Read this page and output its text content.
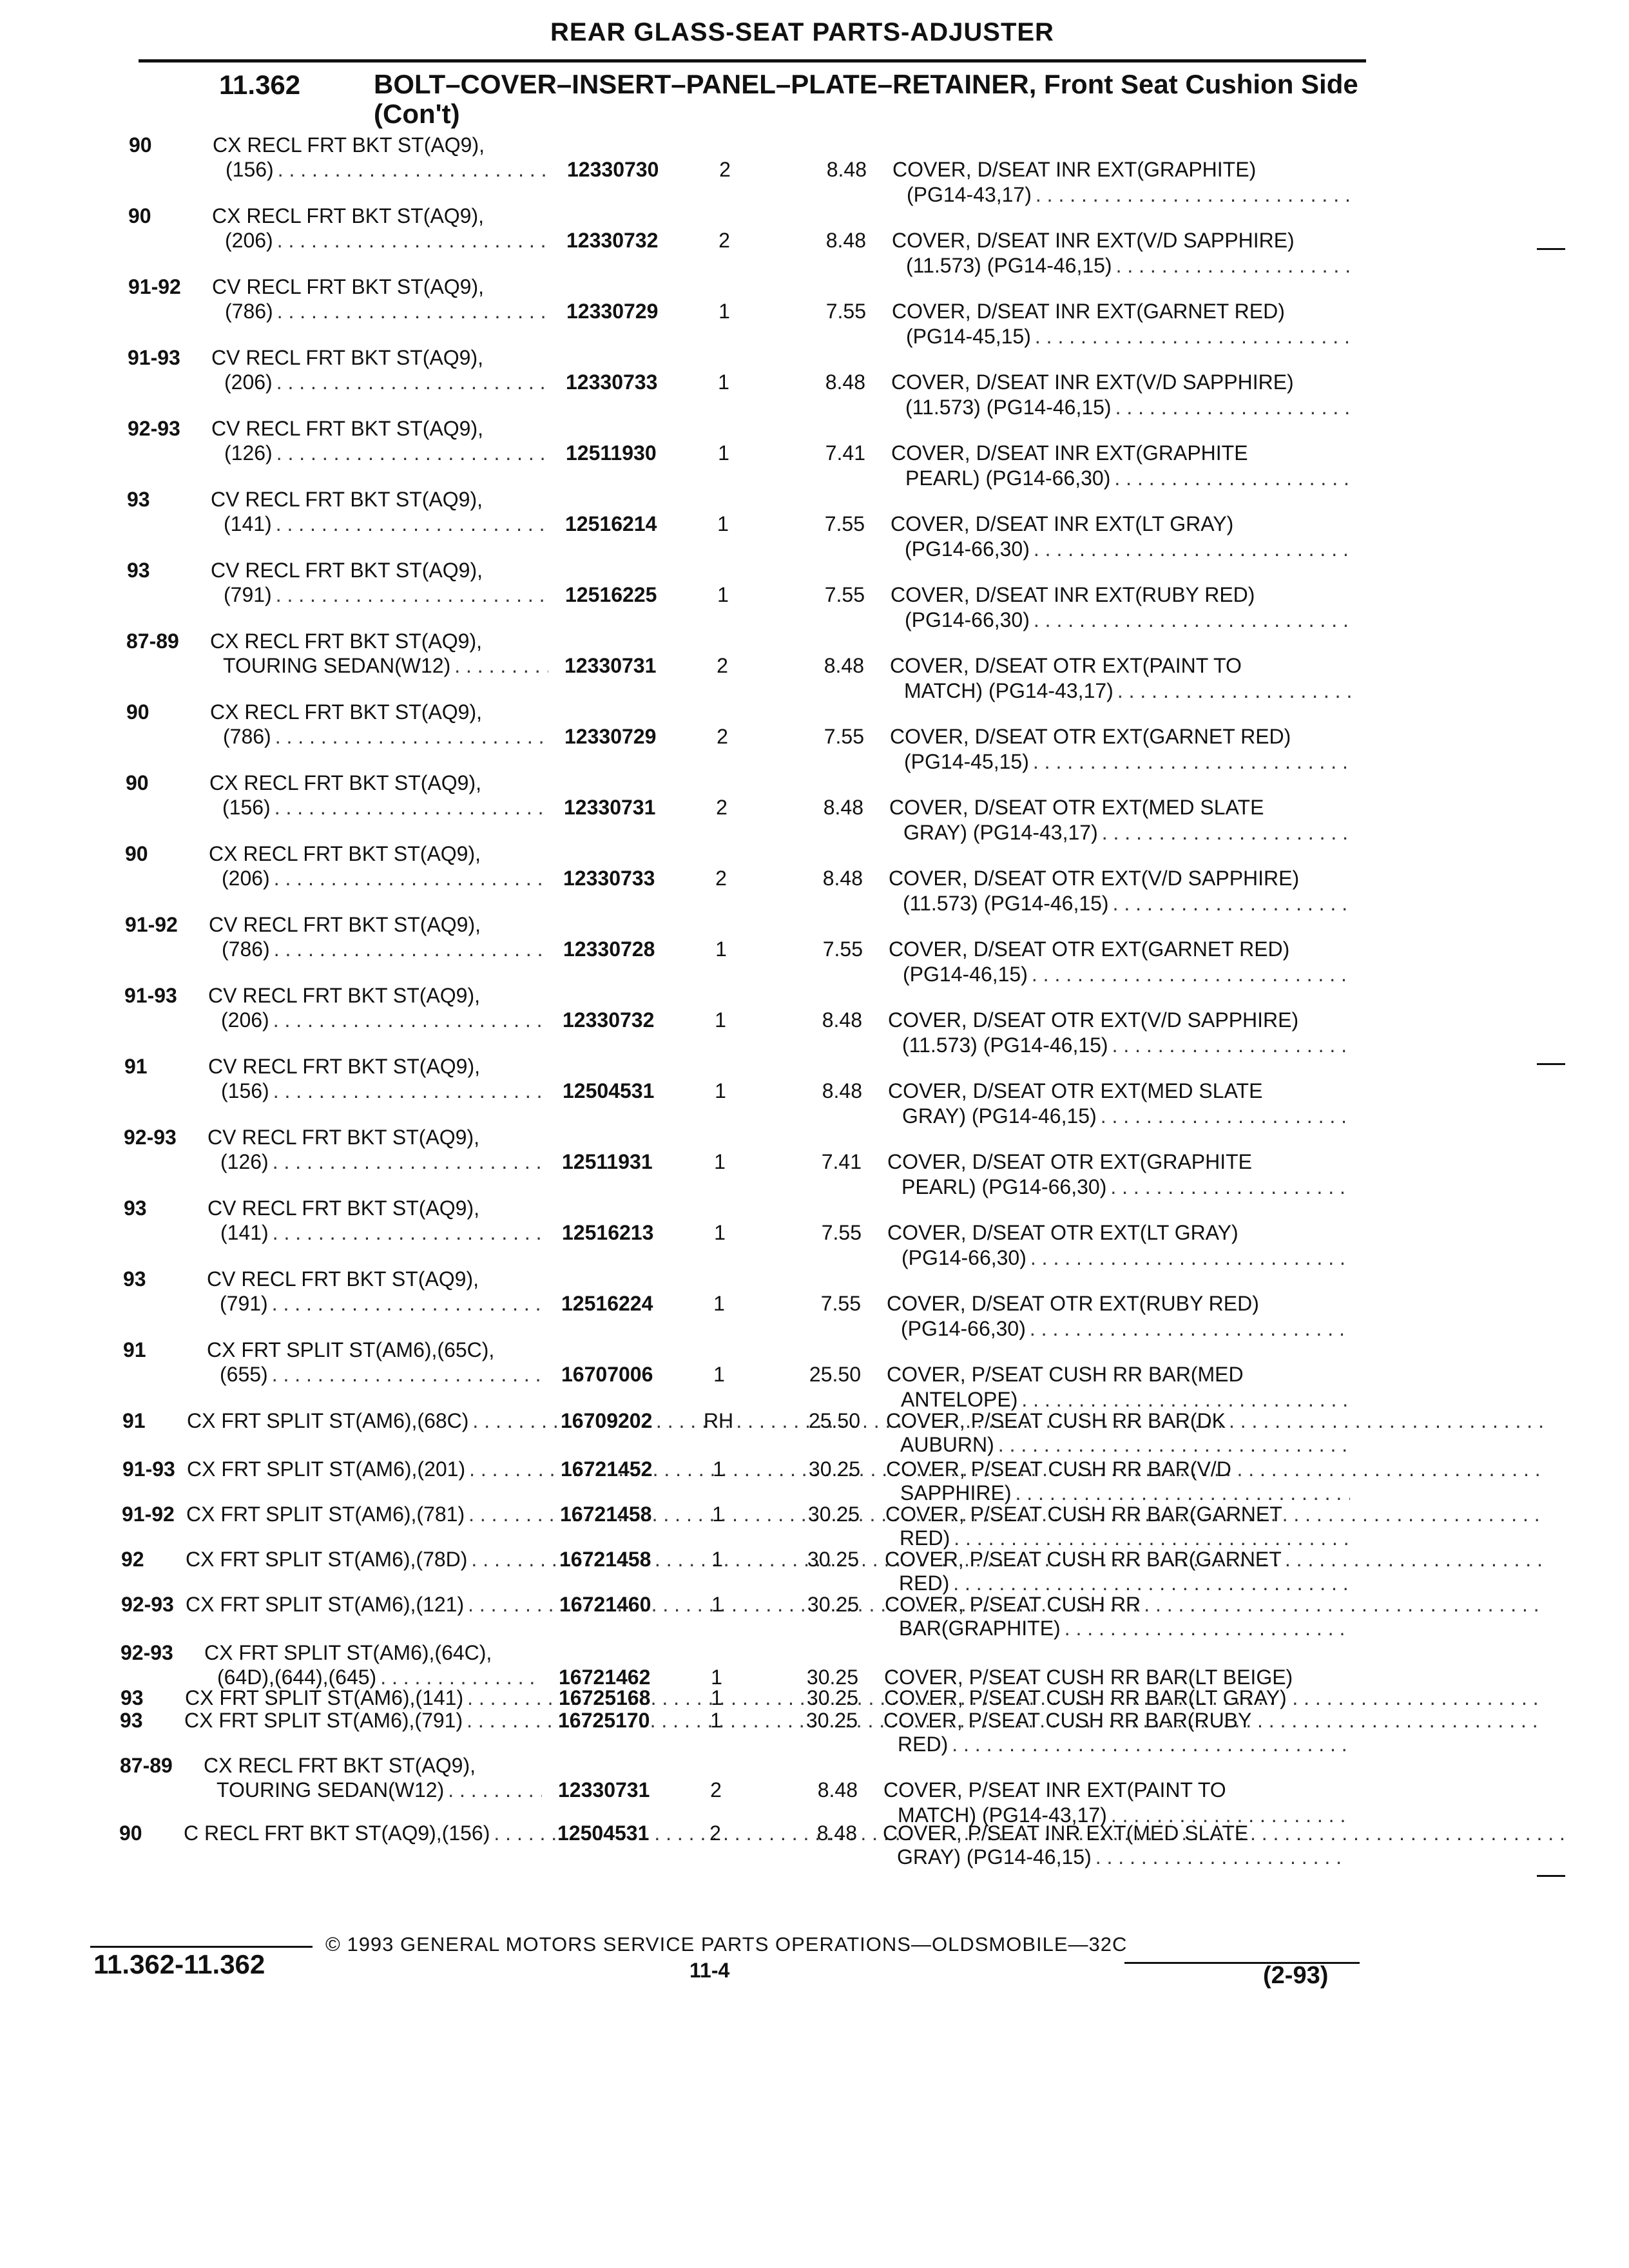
REAR GLASS-SEAT PARTS-ADJUSTER
11.362	BOLT–COVER–INSERT–PANEL–PLATE–RETAINER, Front Seat Cushion Side (Con't)
90	CX RECL FRT BKT ST(AQ9),
(156) . . .	12330730	2	8.48 COVER, D/SEAT INR EXT(GRAPHITE)
(PG14-43,17)
. . .
90	CX RECL FRT BKT ST(AQ9),
(206) . . .	12330732	2	8.48 COVER, D/SEAT INR EXT(V/D SAPPHIRE)
(11.573) (PG14-46,15)
. . .
91-92 CV RECL FRT BKT ST(AQ9),
(786) . . .	12330729	1	7.55 COVER, D/SEAT INR EXT(GARNET RED)
(PG14-45,15)
. . .
91-93 CV RECL FRT BKT ST(AQ9),
(206) . . .	12330733	1	8.48 COVER, D/SEAT INR EXT(V/D SAPPHIRE)
(11.573) (PG14-46,15)
. . .
92-93 CV RECL FRT BKT ST(AQ9),
(126) . . .	12511930	1	7.41 COVER, D/SEAT INR EXT(GRAPHITE
PEARL) (PG14-66,30)
. . .
93	CV RECL FRT BKT ST(AQ9),
(141) . . .	12516214	1	7.55 COVER, D/SEAT INR EXT(LT GRAY)
(PG14-66,30)
. . .
93	CV RECL FRT BKT ST(AQ9),
(791) . . .	12516225	1	7.55 COVER, D/SEAT INR EXT(RUBY RED)
(PG14-66,30)
. . .
87-89 CX RECL FRT BKT ST(AQ9),
TOURING SEDAN(W12) . . .	12330731	2	8.48 COVER, D/SEAT OTR EXT(PAINT TO
MATCH) (PG14-43,17)
. . .
90	CX RECL FRT BKT ST(AQ9),
(786) . . .	12330729	2	7.55 COVER, D/SEAT OTR EXT(GARNET RED)
(PG14-45,15)
. . .
90	CX RECL FRT BKT ST(AQ9),
(156) . . .	12330731	2	8.48 COVER, D/SEAT OTR EXT(MED SLATE
GRAY) (PG14-43,17)
. . .
90	CX RECL FRT BKT ST(AQ9),
(206) . . .	12330733	2	8.48 COVER, D/SEAT OTR EXT(V/D SAPPHIRE)
(11.573) (PG14-46,15)
. . .
91-92 CV RECL FRT BKT ST(AQ9),
(786) . . .	12330728	1	7.55 COVER, D/SEAT OTR EXT(GARNET RED)
(PG14-46,15)
. . .
91-93 CV RECL FRT BKT ST(AQ9),
(206) . . .	12330732	1	8.48 COVER, D/SEAT OTR EXT(V/D SAPPHIRE)
(11.573) (PG14-46,15)
. . .
91	CV RECL FRT BKT ST(AQ9),
(156) . . .	12504531	1	8.48 COVER, D/SEAT OTR EXT(MED SLATE
GRAY) (PG14-46,15)
. . .
92-93 CV RECL FRT BKT ST(AQ9),
(126) . . .	12511931	1	7.41 COVER, D/SEAT OTR EXT(GRAPHITE
PEARL) (PG14-66,30)
. . .
93	CV RECL FRT BKT ST(AQ9),
(141) . . .	12516213	1	7.55 COVER, D/SEAT OTR EXT(LT GRAY)
(PG14-66,30)
. . .
93	CV RECL FRT BKT ST(AQ9),
(791) . . .	12516224	1	7.55 COVER, D/SEAT OTR EXT(RUBY RED)
(PG14-66,30)
. . .
91	CX FRT SPLIT ST(AM6),(65C),
(655) . . .	16707006	1	25.50 COVER, P/SEAT CUSH RR BAR(MED
ANTELOPE)
. . .
91 CX FRT SPLIT ST(AM6),(68C) . . .	16709202 RH	25.50 COVER, P/SEAT CUSH RR BAR(DK
AUBURN)
. . .
91-93 CX FRT SPLIT ST(AM6),(201) . . .	16721452	1	30.25 COVER, P/SEAT CUSH RR BAR(V/D
SAPPHIRE)
. . .
91-92 CX FRT SPLIT ST(AM6),(781) . . .	16721458	1	30.25 COVER, P/SEAT CUSH RR BAR(GARNET
RED)
. . .
92 CX FRT SPLIT ST(AM6),(78D) . . .	16721458	1	30.25 COVER, P/SEAT CUSH RR BAR(GARNET
RED)
. . .
92-93 CX FRT SPLIT ST(AM6),(121) . . .	16721460	1	30.25 COVER, P/SEAT CUSH RR
BAR(GRAPHITE)
. . .
92-93 CX FRT SPLIT ST(AM6),(64C),
(64D),(644),(645) . . .	16721462	1	30.25 COVER, P/SEAT CUSH RR BAR(LT BEIGE)
93 CX FRT SPLIT ST(AM6),(141) . . .	16725168	1	30.25 COVER, P/SEAT CUSH RR BAR(LT GRAY)
93 CX FRT SPLIT ST(AM6),(791) . . .	16725170	1	30.25 COVER, P/SEAT CUSH RR BAR(RUBY
RED)
. . .
87-89 CX RECL FRT BKT ST(AQ9),
TOURING SEDAN(W12) . . .	12330731	2	8.48 COVER, P/SEAT INR EXT(PAINT TO
MATCH) (PG14-43,17)
. . .
90 C RECL FRT BKT ST(AQ9),(156) . . .	12504531	2	8.48 COVER, P/SEAT INR EXT(MED SLATE
GRAY) (PG14-46,15)
. . .
© 1993 GENERAL MOTORS SERVICE PARTS OPERATIONS—OLDSMOBILE—32C
11-4
11.362-11.362	(2-93)
